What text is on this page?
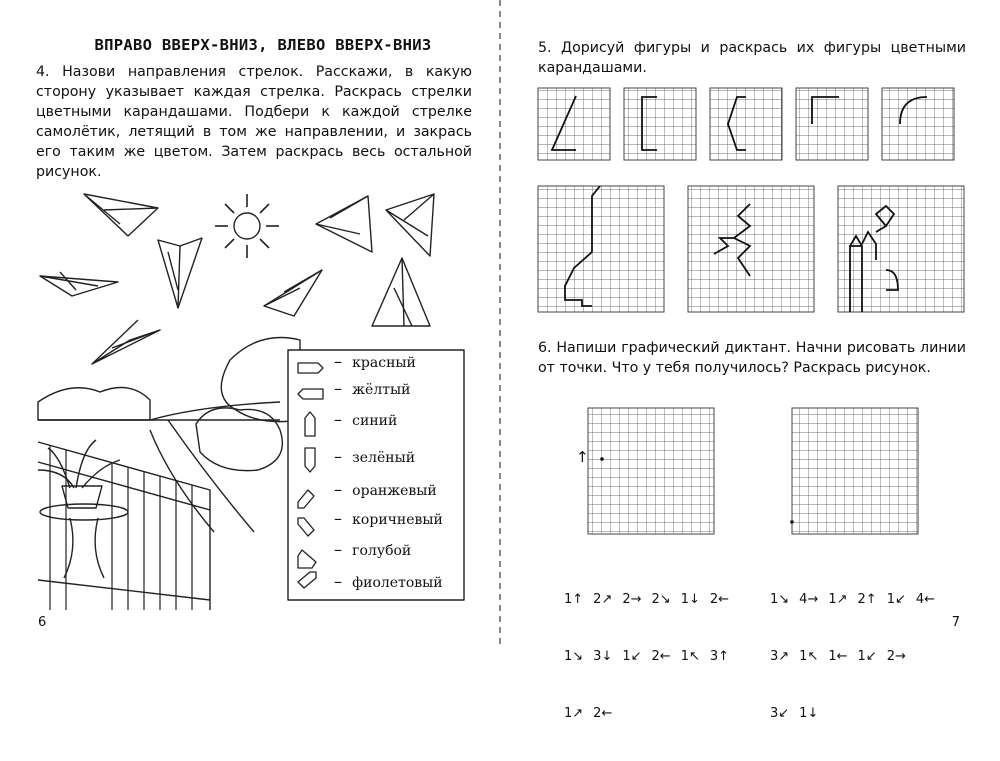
ВПРАВО ВВЕРХ-ВНИЗ, ВЛЕВО ВВЕРХ-ВНИЗ
4. Назови направления стрелок. Расскажи, в какую сторону указывает каждая стрелка. Раскрась стрелки цветными карандашами. Подбери к каждой стрелке самолётик, летящий в том же направлении, и закрась его таким же цветом. Затем раскрась весь остальной рисунок.
– красный
– жёлтый
– синий
– зелёный
– оранжевый
– коричневый
– голубой
– фиолетовый
6
5. Дорисуй фигуры и раскрась их фигуры цветными карандашами.
↑
6. Напиши графический диктант. Начни рисовать линии от точки. Что у тебя получилось? Раскрась рисунок.

1↑ 2↗ 2→ 2↘ 1↓ 2←

1↘ 3↓ 1↙ 2← 1↖ 3↑

1↗ 2←

1↘ 4→ 1↗ 2↑ 1↙ 4←

3↗ 1↖ 1← 1↙ 2→

3↙ 1↓

7
